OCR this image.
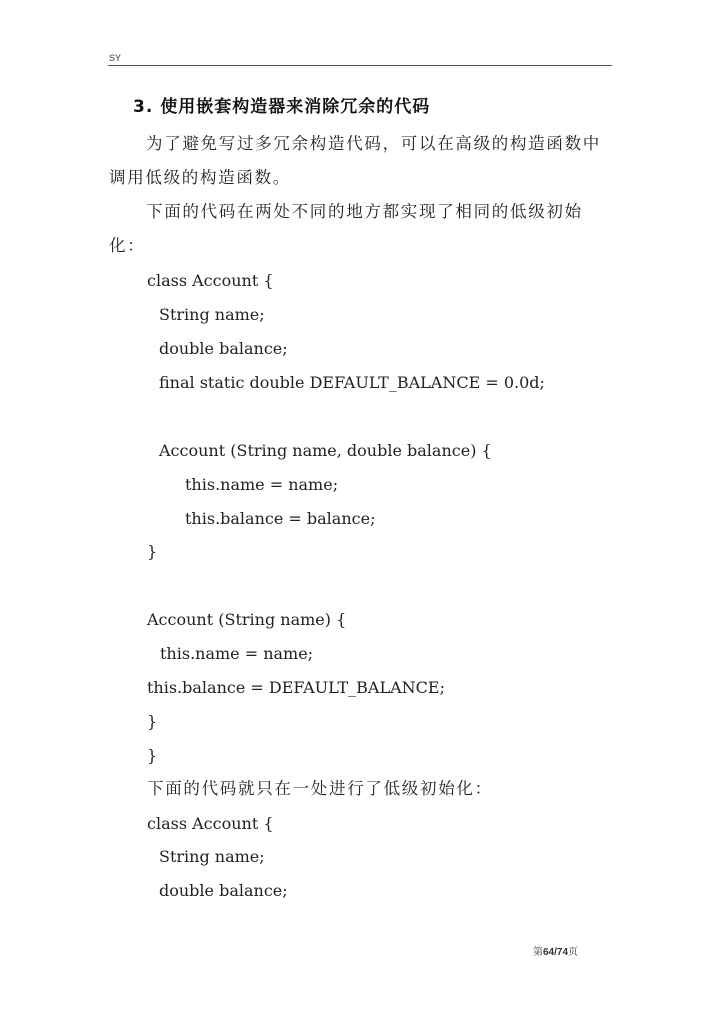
SY
3. 使用嵌套构造器来消除冗余的代码

为了避免写过多冗余构造代码，可以在高级的构造函数中调用低级的构造函数。

下面的代码在两处不同的地方都实现了相同的低级初始化：

class Account {
String name;
double balance;
final static double DEFAULT_BALANCE = 0.0d;
Account (String name, double balance) {
this.name = name;
this.balance = balance;
}
Account (String name) {
this.name = name;
this.balance = DEFAULT_BALANCE;
}
}
下面的代码就只在一处进行了低级初始化：
class Account {
String name;
double balance;
第64/74页
